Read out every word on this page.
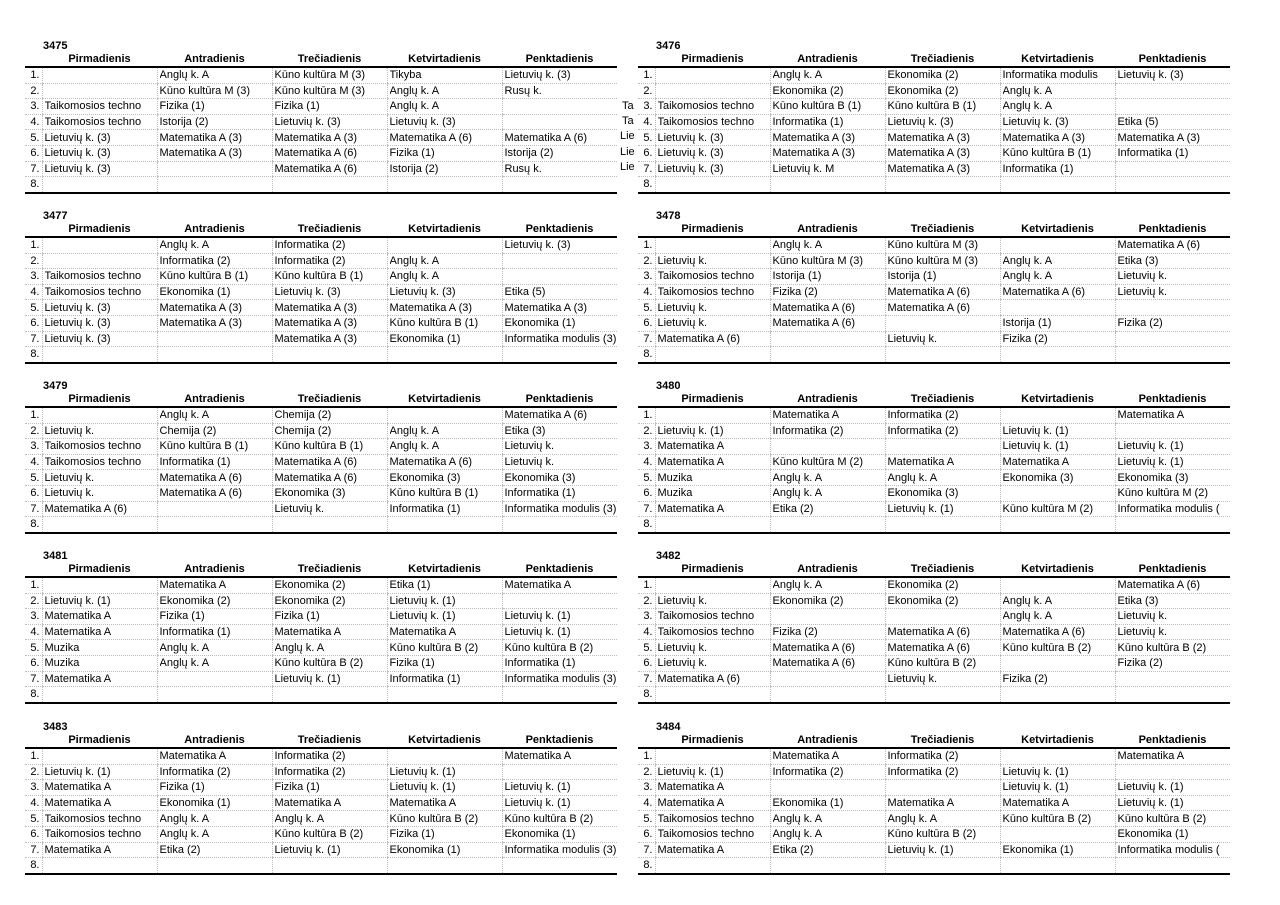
3475
	Pirmadienis	Antradienis	Trečiadienis	Ketvirtadienis	Penktadienis
1.		Anglų k. A	Kūno kultūra M (3)	Tikyba	Lietuvių k. (3)

2.		Kūno kultūra M (3)	Kūno kultūra M (3)	Anglų k. A	Rusų k.

3.	Taikomosios techno	Fizika (1)	Fizika (1)	Anglų k. A	

4.	Taikomosios techno	Istorija (2)	Lietuvių k. (3)	Lietuvių k. (3)	

5.	Lietuvių k. (3)	Matematika A (3)	Matematika A (3)	Matematika A (6)	Matematika A (6)

6.	Lietuvių k. (3)	Matematika A (3)	Matematika A (6)	Fizika (1)	Istorija (2)

7.	Lietuvių k. (3)		Matematika A (6)	Istorija (2)	Rusų k.

8.	

3476
	Pirmadienis	Antradienis	Trečiadienis	Ketvirtadienis	Penktadienis
1.		Anglų k. A	Ekonomika (2)	Informatika modulis	Lietuvių k. (3)

2.		Ekonomika (2)	Ekonomika (2)	Anglų k. A	

3.	Taikomosios techno	Kūno kultūra B (1)	Kūno kultūra B (1)	Anglų k. A	

4.	Taikomosios techno	Informatika (1)	Lietuvių k. (3)	Lietuvių k. (3)	Etika (5)

5.	Lietuvių k. (3)	Matematika A (3)	Matematika A (3)	Matematika A (3)	Matematika A (3)

6.	Lietuvių k. (3)	Matematika A (3)	Matematika A (3)	Kūno kultūra B (1)	Informatika (1)

7.	Lietuvių k. (3)	Lietuvių k. M	Matematika A (3)	Informatika (1)	

8.	

3477
	Pirmadienis	Antradienis	Trečiadienis	Ketvirtadienis	Penktadienis
1.		Anglų k. A	Informatika (2)		Lietuvių k. (3)

2.		Informatika (2)	Informatika (2)	Anglų k. A	

3.	Taikomosios techno	Kūno kultūra B (1)	Kūno kultūra B (1)	Anglų k. A	

4.	Taikomosios techno	Ekonomika (1)	Lietuvių k. (3)	Lietuvių k. (3)	Etika (5)

5.	Lietuvių k. (3)	Matematika A (3)	Matematika A (3)	Matematika A (3)	Matematika A (3)

6.	Lietuvių k. (3)	Matematika A (3)	Matematika A (3)	Kūno kultūra B (1)	Ekonomika (1)

7.	Lietuvių k. (3)		Matematika A (3)	Ekonomika (1)	Informatika modulis (3)

8.	

3478
	Pirmadienis	Antradienis	Trečiadienis	Ketvirtadienis	Penktadienis
1.		Anglų k. A	Kūno kultūra M (3)		Matematika A (6)

2.	Lietuvių k.	Kūno kultūra M (3)	Kūno kultūra M (3)	Anglų k. A	Etika (3)

3.	Taikomosios techno	Istorija (1)	Istorija (1)	Anglų k. A	Lietuvių k.

4.	Taikomosios techno	Fizika (2)	Matematika A (6)	Matematika A (6)	Lietuvių k.

5.	Lietuvių k.	Matematika A (6)	Matematika A (6)		

6.	Lietuvių k.	Matematika A (6)		Istorija (1)	Fizika (2)

7.	Matematika A (6)		Lietuvių k.	Fizika (2)	

8.	

3479
	Pirmadienis	Antradienis	Trečiadienis	Ketvirtadienis	Penktadienis
1.		Anglų k. A	Chemija (2)		Matematika A (6)

2.	Lietuvių k.	Chemija (2)	Chemija (2)	Anglų k. A	Etika (3)

3.	Taikomosios techno	Kūno kultūra B (1)	Kūno kultūra B (1)	Anglų k. A	Lietuvių k.

4.	Taikomosios techno	Informatika (1)	Matematika A (6)	Matematika A (6)	Lietuvių k.

5.	Lietuvių k.	Matematika A (6)	Matematika A (6)	Ekonomika (3)	Ekonomika (3)

6.	Lietuvių k.	Matematika A (6)	Ekonomika (3)	Kūno kultūra B (1)	Informatika (1)

7.	Matematika A (6)		Lietuvių k.	Informatika (1)	Informatika modulis (3)

8.	

3480
	Pirmadienis	Antradienis	Trečiadienis	Ketvirtadienis	Penktadienis
1.		Matematika A	Informatika (2)		Matematika A

2.	Lietuvių k. (1)	Informatika (2)	Informatika (2)	Lietuvių k. (1)	

3.	Matematika A			Lietuvių k. (1)	Lietuvių k. (1)

4.	Matematika A	Kūno kultūra M (2)	Matematika A	Matematika A	Lietuvių k. (1)

5.	Muzika	Anglų k. A	Anglų k. A	Ekonomika (3)	Ekonomika (3)

6.	Muzika	Anglų k. A	Ekonomika (3)		Kūno kultūra M (2)

7.	Matematika A	Etika (2)	Lietuvių k. (1)	Kūno kultūra M (2)	Informatika modulis (

8.	

3481
	Pirmadienis	Antradienis	Trečiadienis	Ketvirtadienis	Penktadienis
1.		Matematika A	Ekonomika (2)	Etika (1)	Matematika A

2.	Lietuvių k. (1)	Ekonomika (2)	Ekonomika (2)	Lietuvių k. (1)	

3.	Matematika A	Fizika (1)	Fizika (1)	Lietuvių k. (1)	Lietuvių k. (1)

4.	Matematika A	Informatika (1)	Matematika A	Matematika A	Lietuvių k. (1)

5.	Muzika	Anglų k. A	Anglų k. A	Kūno kultūra B (2)	Kūno kultūra B (2)

6.	Muzika	Anglų k. A	Kūno kultūra B (2)	Fizika (1)	Informatika (1)

7.	Matematika A		Lietuvių k. (1)	Informatika (1)	Informatika modulis (3)

8.	

3482
	Pirmadienis	Antradienis	Trečiadienis	Ketvirtadienis	Penktadienis
1.		Anglų k. A	Ekonomika (2)		Matematika A (6)

2.	Lietuvių k.	Ekonomika (2)	Ekonomika (2)	Anglų k. A	Etika (3)

3.	Taikomosios techno			Anglų k. A	Lietuvių k.

4.	Taikomosios techno	Fizika (2)	Matematika A (6)	Matematika A (6)	Lietuvių k.

5.	Lietuvių k.	Matematika A (6)	Matematika A (6)	Kūno kultūra B (2)	Kūno kultūra B (2)

6.	Lietuvių k.	Matematika A (6)	Kūno kultūra B (2)		Fizika (2)

7.	Matematika A (6)		Lietuvių k.	Fizika (2)	

8.	

3483
	Pirmadienis	Antradienis	Trečiadienis	Ketvirtadienis	Penktadienis
1.		Matematika A	Informatika (2)		Matematika A

2.	Lietuvių k. (1)	Informatika (2)	Informatika (2)	Lietuvių k. (1)	

3.	Matematika A	Fizika (1)	Fizika (1)	Lietuvių k. (1)	Lietuvių k. (1)

4.	Matematika A	Ekonomika (1)	Matematika A	Matematika A	Lietuvių k. (1)

5.	Taikomosios techno	Anglų k. A	Anglų k. A	Kūno kultūra B (2)	Kūno kultūra B (2)

6.	Taikomosios techno	Anglų k. A	Kūno kultūra B (2)	Fizika (1)	Ekonomika (1)

7.	Matematika A	Etika (2)	Lietuvių k. (1)	Ekonomika (1)	Informatika modulis (3)

8.	

3484
	Pirmadienis	Antradienis	Trečiadienis	Ketvirtadienis	Penktadienis
1.		Matematika A	Informatika (2)		Matematika A

2.	Lietuvių k. (1)	Informatika (2)	Informatika (2)	Lietuvių k. (1)	

3.	Matematika A			Lietuvių k. (1)	Lietuvių k. (1)

4.	Matematika A	Ekonomika (1)	Matematika A	Matematika A	Lietuvių k. (1)

5.	Taikomosios techno	Anglų k. A	Anglų k. A	Kūno kultūra B (2)	Kūno kultūra B (2)

6.	Taikomosios techno	Anglų k. A	Kūno kultūra B (2)		Ekonomika (1)

7.	Matematika A	Etika (2)	Lietuvių k. (1)	Ekonomika (1)	Informatika modulis (

8.	

Ta
Ta
Lie
Lie
Lie
